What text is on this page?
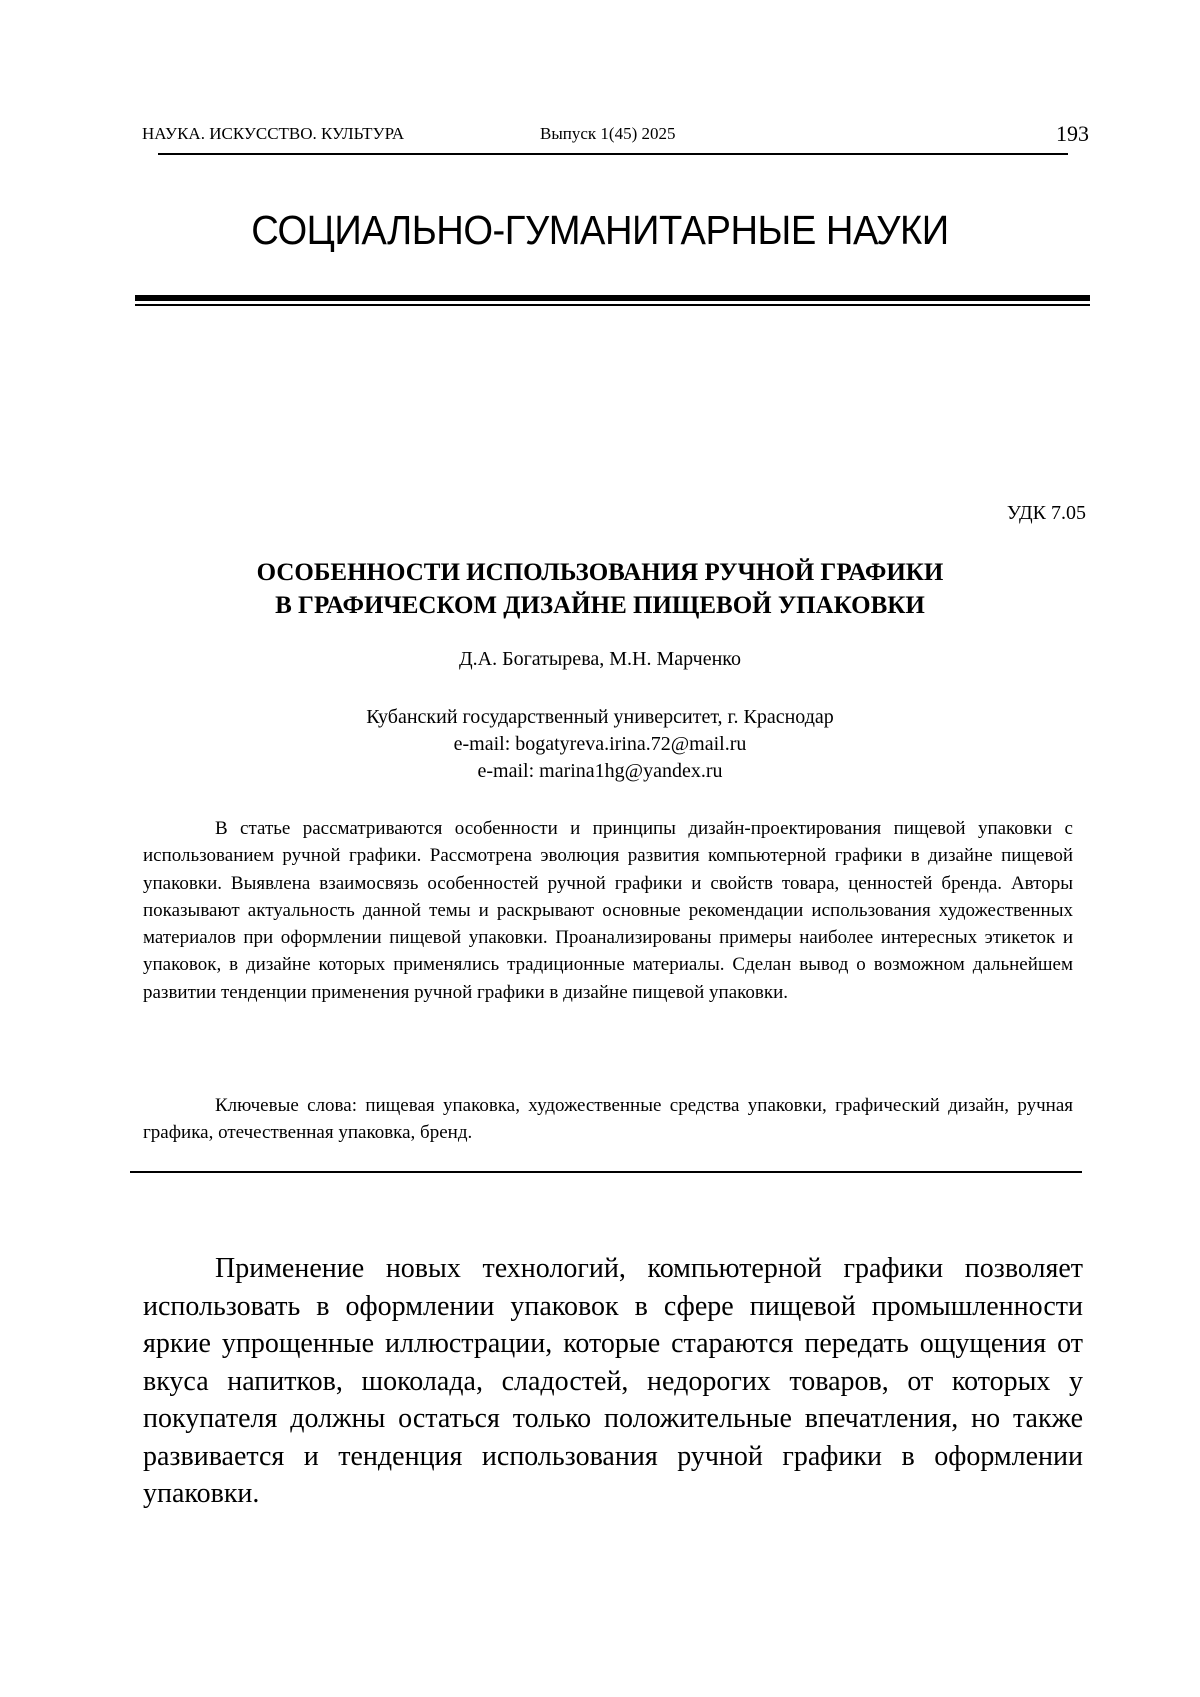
НАУКА. ИСКУССТВО. КУЛЬТУРА	Выпуск 1(45) 2025	193
СОЦИАЛЬНО-ГУМАНИТАРНЫЕ НАУКИ
УДК 7.05
ОСОБЕННОСТИ ИСПОЛЬЗОВАНИЯ РУЧНОЙ ГРАФИКИ
В ГРАФИЧЕСКОМ ДИЗАЙНЕ ПИЩЕВОЙ УПАКОВКИ
Д.А. Богатырева, М.Н. Марченко
Кубанский государственный университет, г. Краснодар
e-mail: bogatyreva.irina.72@mail.ru
e-mail: marina1hg@yandex.ru
В статье рассматриваются особенности и принципы дизайн-проектирования пищевой упаковки с использованием ручной графики. Рассмотрена эволюция развития компьютерной графики в дизайне пищевой упаковки. Выявлена взаимосвязь особенностей ручной графики и свойств товара, ценностей бренда. Авторы показывают актуальность данной темы и раскрывают основные рекомендации использования художественных материалов при оформлении пищевой упаковки. Проанализированы примеры наиболее интересных этикеток и упаковок, в дизайне которых применялись традиционные материалы. Сделан вывод о возможном дальнейшем развитии тенденции применения ручной графики в дизайне пищевой упаковки.
Ключевые слова: пищевая упаковка, художественные средства упаковки, графический дизайн, ручная графика, отечественная упаковка, бренд.
Применение новых технологий, компьютерной графики позволяет использовать в оформлении упаковок в сфере пищевой промышленности яркие упрощенные иллюстрации, которые стараются передать ощущения от вкуса напитков, шоколада, сладостей, недорогих товаров, от которых у покупателя должны остаться только положительные впечатления, но также развивается и тенденция использования ручной графики в оформлении упаковки.
